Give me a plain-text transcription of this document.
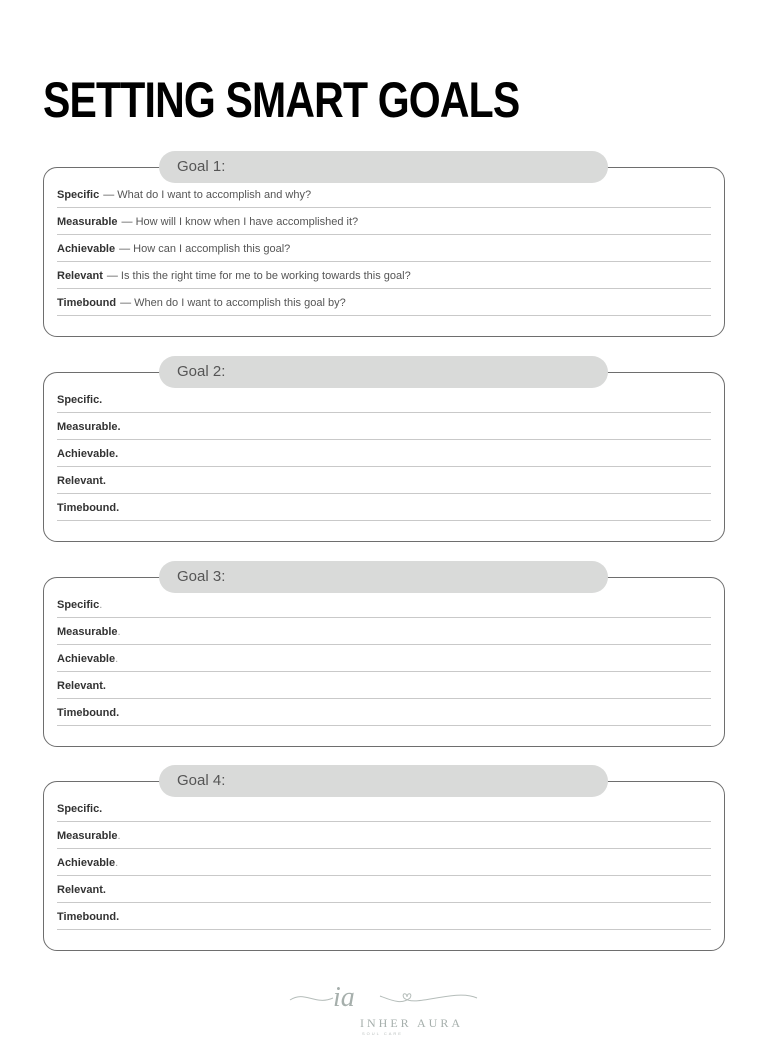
SETTING SMART GOALS
Goal 1:
Specific — What do I want to accomplish and why?
Measurable — How will I know when I have accomplished it?
Achievable — How can I accomplish this goal?
Relevant — Is this the right time for me to be working towards this goal?
Timebound — When do I want to accomplish this goal by?
Goal 2:
Specific.
Measurable.
Achievable.
Relevant.
Timebound.
Goal 3:
Specific .
Measurable .
Achievable .
Relevant.
Timebound.
Goal 4:
Specific.
Measurable .
Achievable .
Relevant.
Timebound.
ia
INHER AURA
SOUL CARE
